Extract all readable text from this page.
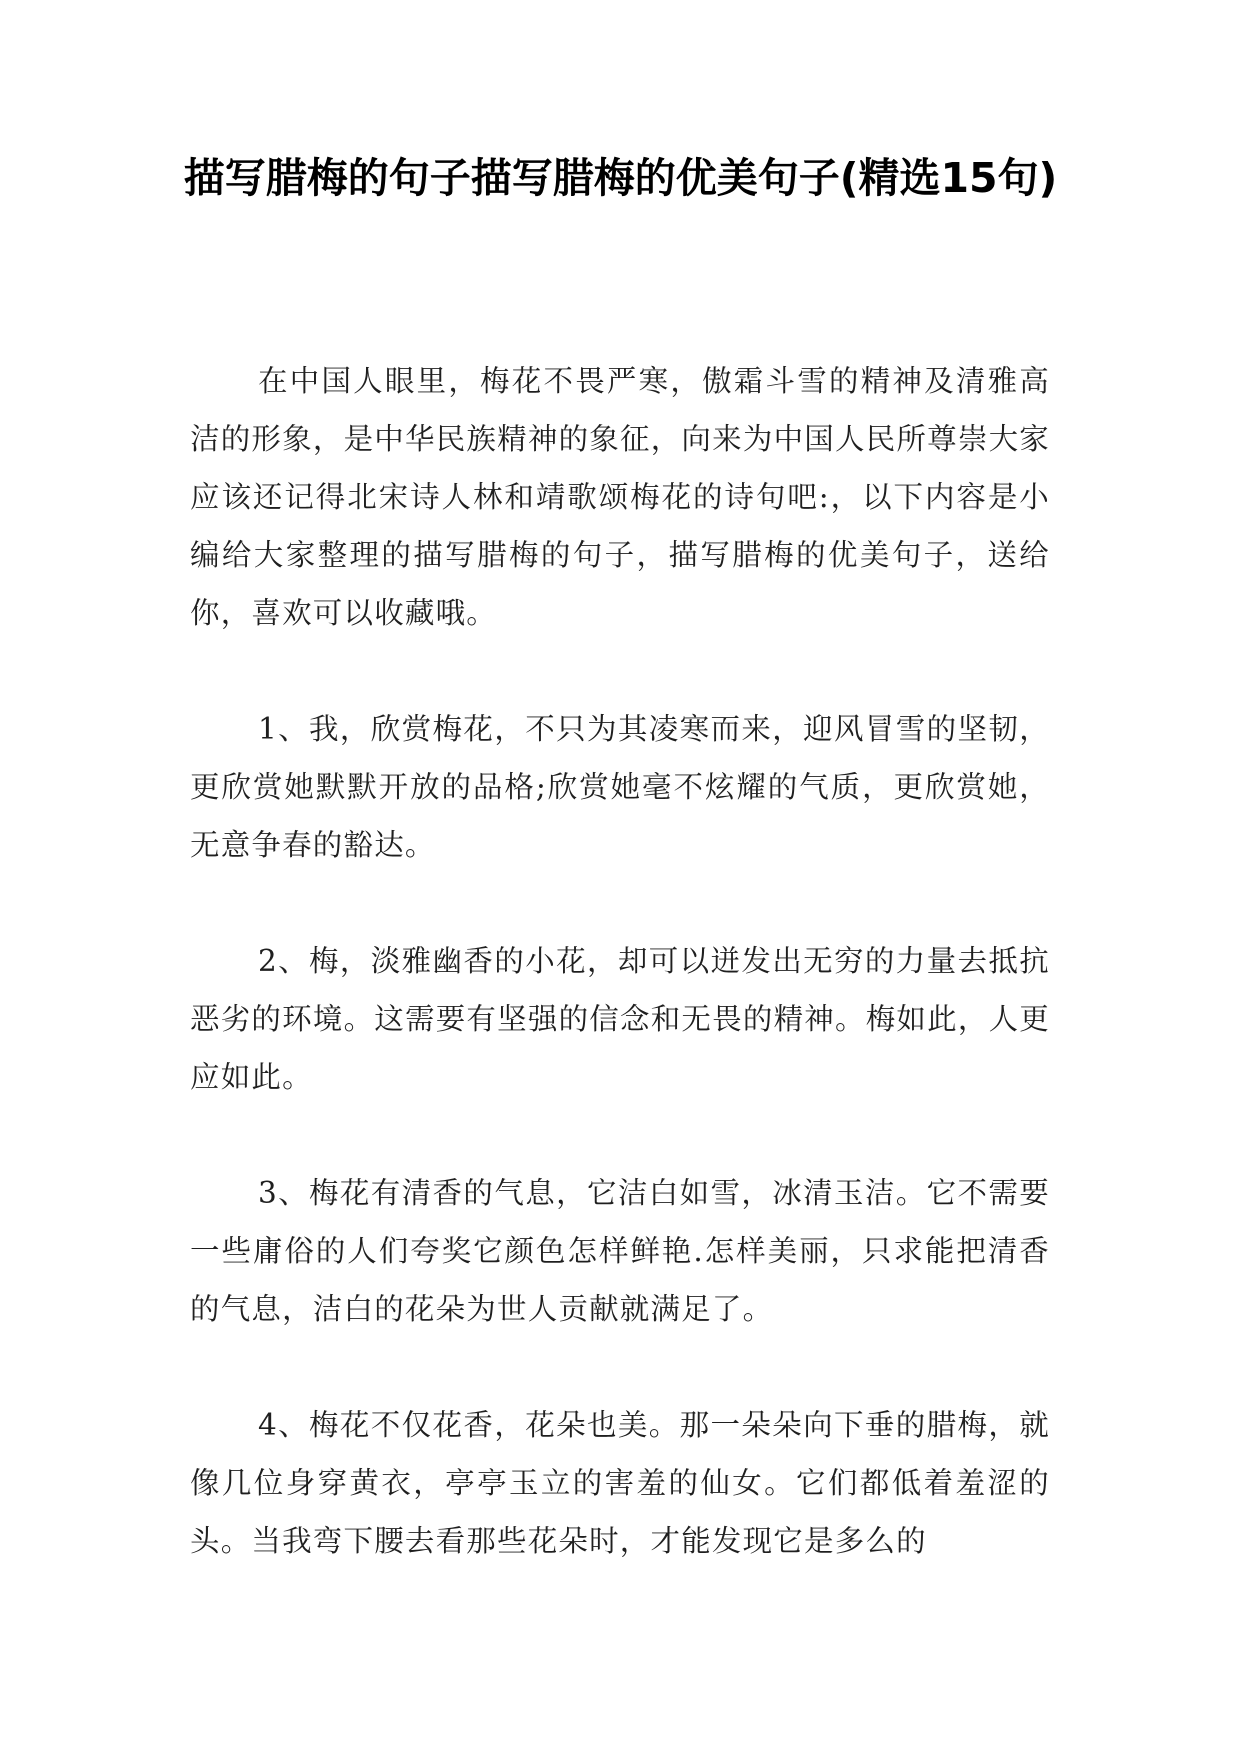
描写腊梅的句子描写腊梅的优美句子(精选15句)

在中国人眼里，梅花不畏严寒，傲霜斗雪的精神及清雅高洁的形象，是中华民族精神的象征，向来为中国人民所尊崇大家应该还记得北宋诗人林和靖歌颂梅花的诗句吧:，以下内容是小编给大家整理的描写腊梅的句子，描写腊梅的优美句子，送给你，喜欢可以收藏哦。

1、我，欣赏梅花，不只为其凌寒而来，迎风冒雪的坚韧，更欣赏她默默开放的品格;欣赏她毫不炫耀的气质，更欣赏她，无意争春的豁达。

2、梅，淡雅幽香的小花，却可以迸发出无穷的力量去抵抗恶劣的环境。这需要有坚强的信念和无畏的精神。梅如此，人更应如此。

3、梅花有清香的气息，它洁白如雪，冰清玉洁。它不需要一些庸俗的人们夸奖它颜色怎样鲜艳.怎样美丽，只求能把清香的气息，洁白的花朵为世人贡献就满足了。

4、梅花不仅花香，花朵也美。那一朵朵向下垂的腊梅，就像几位身穿黄衣，亭亭玉立的害羞的仙女。它们都低着羞涩的头。当我弯下腰去看那些花朵时，才能发现它是多么的
